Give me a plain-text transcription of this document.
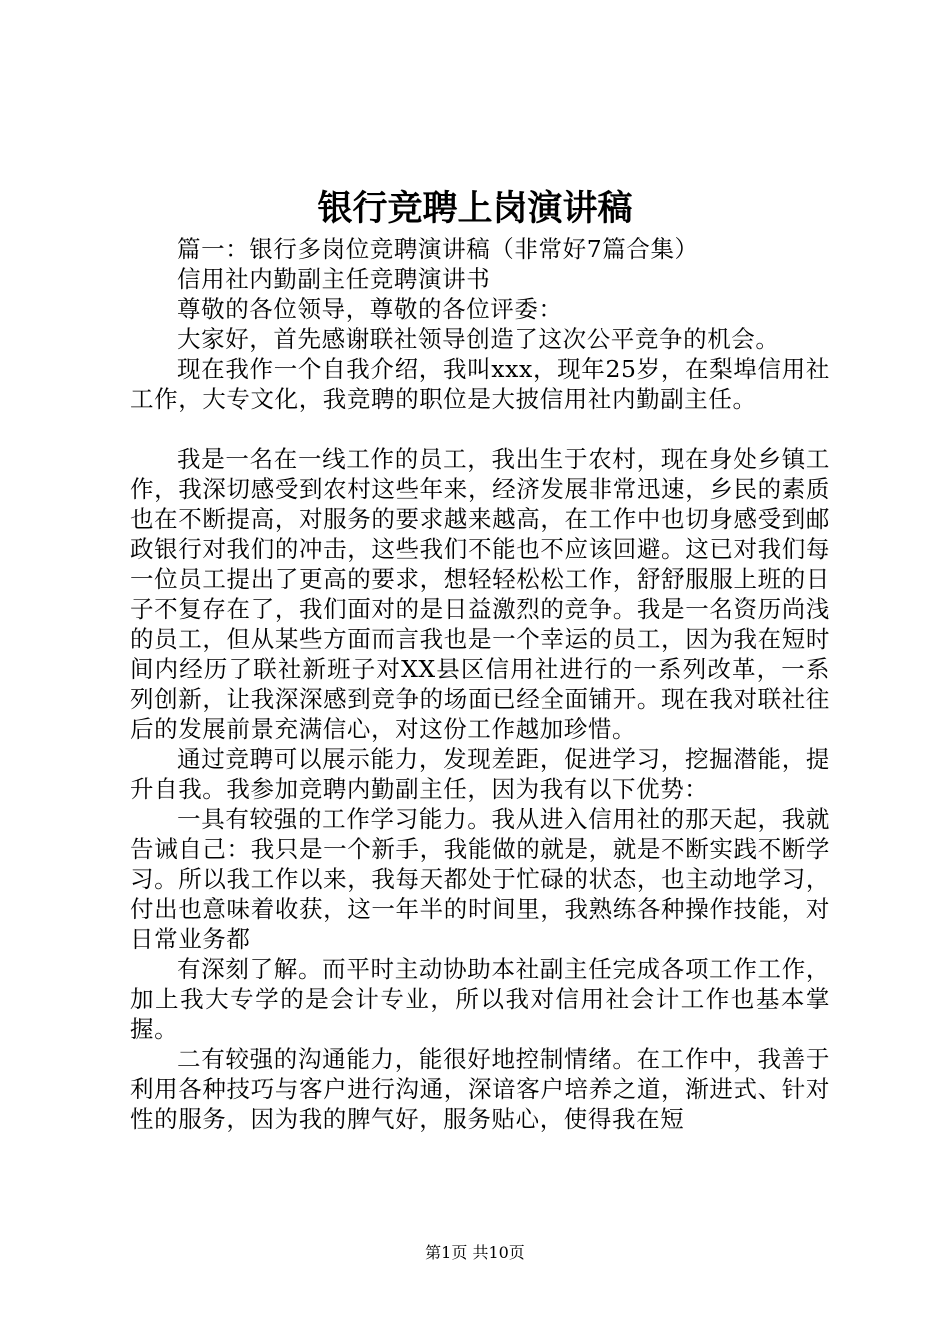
银行竞聘上岗演讲稿

篇一：银行多岗位竞聘演讲稿（非常好7篇合集）

信用社内勤副主任竞聘演讲书

尊敬的各位领导，尊敬的各位评委：

大家好，首先感谢联社领导创造了这次公平竞争的机会。

现在我作一个自我介绍，我叫xxx，现年25岁，在梨埠信用社工作，大专文化，我竞聘的职位是大披信用社内勤副主任。

我是一名在一线工作的员工，我出生于农村，现在身处乡镇工作，我深切感受到农村这些年来，经济发展非常迅速，乡民的素质也在不断提高，对服务的要求越来越高，在工作中也切身感受到邮政银行对我们的冲击，这些我们不能也不应该回避。这已对我们每一位员工提出了更高的要求，想轻轻松松工作，舒舒服服上班的日子不复存在了，我们面对的是日益激烈的竞争。我是一名资历尚浅的员工，但从某些方面而言我也是一个幸运的员工，因为我在短时间内经历了联社新班子对XX县区信用社进行的一系列改革，一系列创新，让我深深感到竞争的场面已经全面铺开。现在我对联社往后的发展前景充满信心，对这份工作越加珍惜。

通过竞聘可以展示能力，发现差距，促进学习，挖掘潜能，提升自我。我参加竞聘内勤副主任，因为我有以下优势：

一具有较强的工作学习能力。我从进入信用社的那天起，我就告诫自己：我只是一个新手，我能做的就是，就是不断实践不断学习。所以我工作以来，我每天都处于忙碌的状态，也主动地学习，付出也意味着收获，这一年半的时间里，我熟练各种操作技能，对日常业务都

有深刻了解。而平时主动协助本社副主任完成各项工作工作，加上我大专学的是会计专业，所以我对信用社会计工作也基本掌握。

二有较强的沟通能力，能很好地控制情绪。在工作中，我善于利用各种技巧与客户进行沟通，深谙客户培养之道，渐进式、针对性的服务，因为我的脾气好，服务贴心，使得我在短

第1页 共10页
